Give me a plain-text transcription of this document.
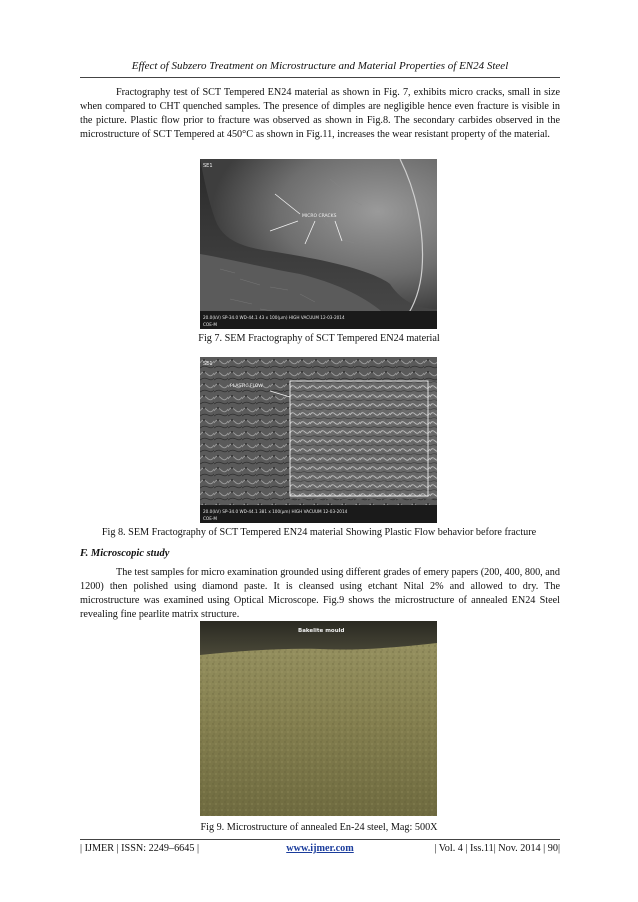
Effect of Subzero Treatment on Microstructure and Material Properties of EN24 Steel

Fractography test of SCT Tempered EN24 material as shown in Fig. 7, exhibits micro cracks, small in size when compared to CHT quenched samples. The presence of dimples are negligible hence even fracture is visible in the picture. Plastic flow prior to fracture was observed as shown in Fig.8. The secondary carbides observed in the microstructure of SCT Tempered at 450°C as shown in Fig.11, increases the wear resistant property of the material.

MICRO CRACKS
SE1
20.0(kV) SP-34.0 WD-44.1 43 x 100(µm) HIGH VACUUM 12-03-2014
COE-M
Fig 7. SEM Fractography of SCT Tempered EN24 material
PLASTIC FLOW
SE1
20.0(kV) SP-34.0 WD-44.1 381 x 100(µm) HIGH VACUUM 12-03-2014
COE-M
Fig 8. SEM Fractography of SCT Tempered EN24 material Showing Plastic Flow behavior before fracture
F. Microscopic study

The test samples for micro examination grounded using different grades of emery papers (200, 400, 800, and 1200) then polished using diamond paste. It is cleansed using etchant Nital 2% and allowed to dry. The microstructure was examined using Optical Microscope. Fig.9 shows the microstructure of annealed EN24 Steel revealing fine pearlite matrix structure.

Bakelite mould
Fig 9. Microstructure of annealed En-24 steel, Mag: 500X
| IJMER | ISSN: 2249–6645 |	www.ijmer.com	| Vol. 4 | Iss.11| Nov. 2014 | 90|
